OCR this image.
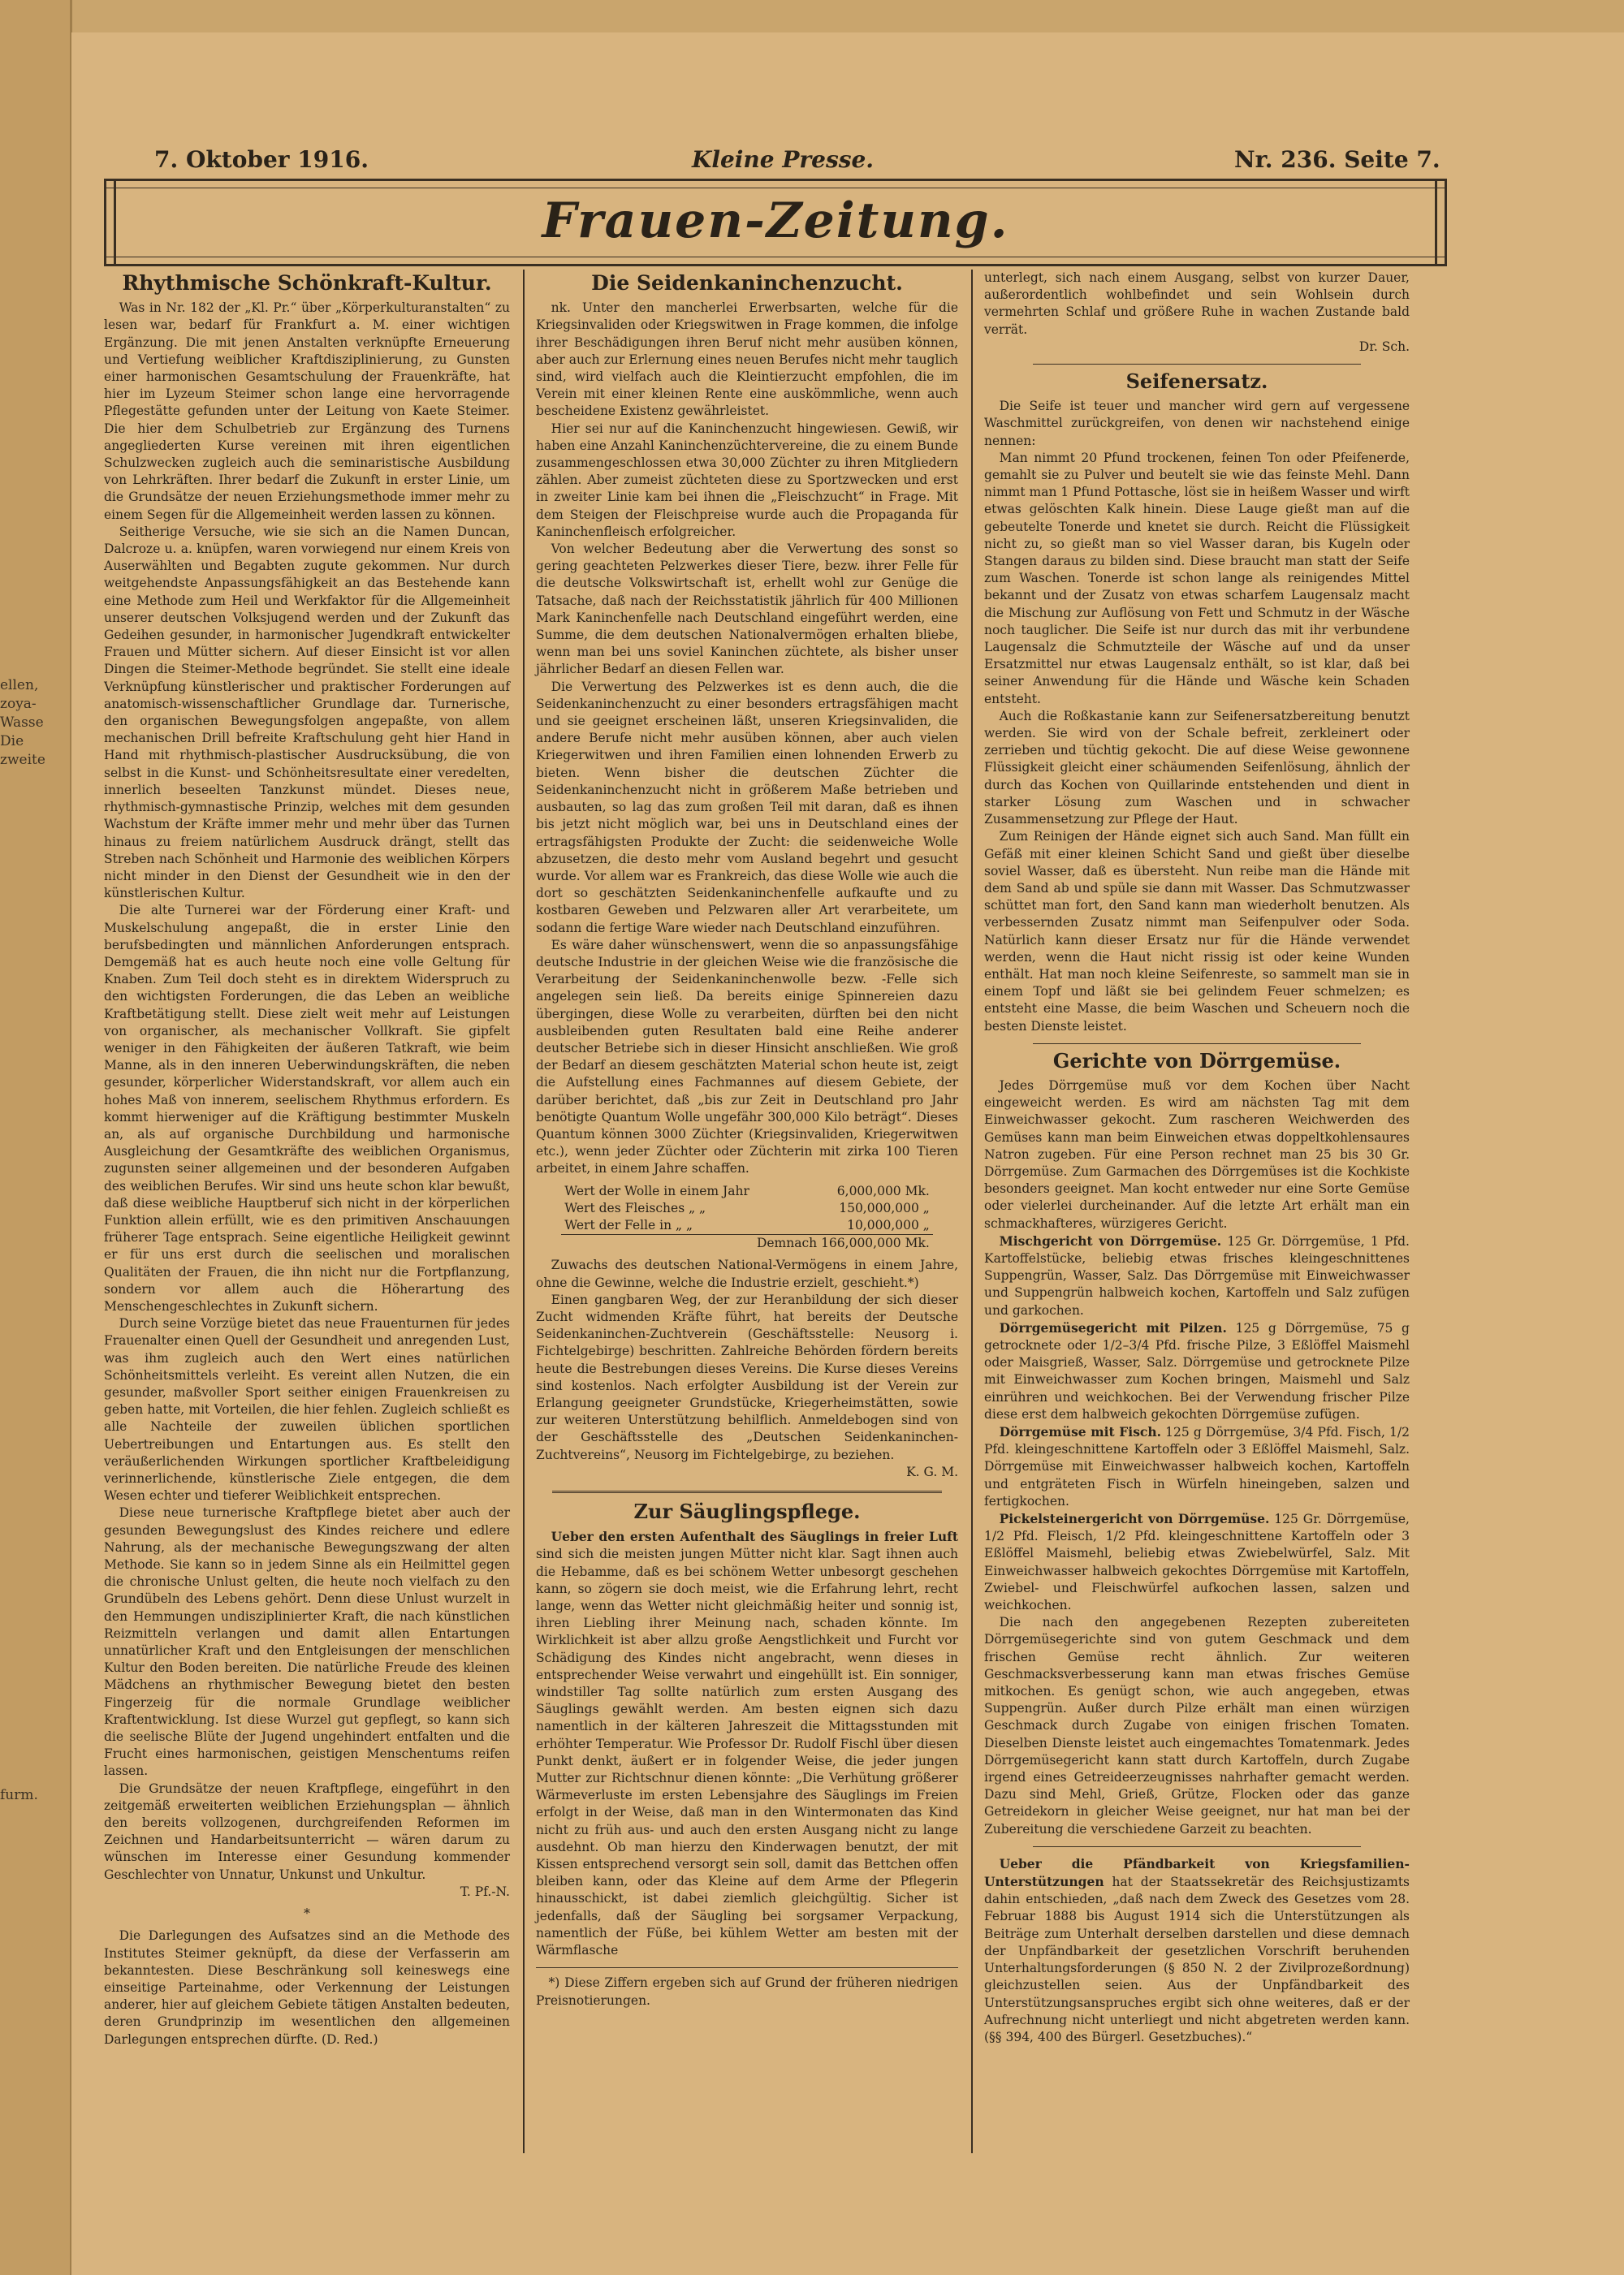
ellen,
zoya-
Wasse
Die
zweite
furm.
7. Oktober 1916.	Kleine Presse.	Nr. 236. Seite 7.
Frauen-Zeitung.
Rhythmische Schönkraft-Kultur.

Was in Nr. 182 der „Kl. Pr.“ über „Körperkulturanstalten“ zu lesen war, bedarf für Frankfurt a. M. einer wichtigen Ergänzung. Die mit jenen Anstalten verknüpfte Erneuerung und Vertiefung weiblicher Kraftdisziplinierung, zu Gunsten einer harmonischen Gesamtschulung der Frauenkräfte, hat hier im Lyzeum Steimer schon lange eine hervorragende Pflegestätte gefunden unter der Leitung von Kaete Steimer. Die hier dem Schulbetrieb zur Ergänzung des Turnens angegliederten Kurse vereinen mit ihren eigentlichen Schulzwecken zugleich auch die seminaristische Ausbildung von Lehrkräften. Ihrer bedarf die Zukunft in erster Linie, um die Grundsätze der neuen Erziehungsmethode immer mehr zu einem Segen für die Allgemeinheit werden lassen zu können.

Seitherige Versuche, wie sie sich an die Namen Duncan, Dalcroze u. a. knüpfen, waren vorwiegend nur einem Kreis von Auserwählten und Begabten zugute gekommen. Nur durch weitgehendste Anpassungsfähigkeit an das Bestehende kann eine Methode zum Heil und Werkfaktor für die Allgemeinheit unserer deutschen Volksjugend werden und der Zukunft das Gedeihen gesunder, in harmonischer Jugendkraft entwickelter Frauen und Mütter sichern. Auf dieser Einsicht ist vor allen Dingen die Steimer-Methode begründet. Sie stellt eine ideale Verknüpfung künstlerischer und praktischer Forderungen auf anatomisch-wissenschaftlicher Grundlage dar. Turnerische, den organischen Bewegungsfolgen angepaßte, von allem mechanischen Drill befreite Kraftschulung geht hier Hand in Hand mit rhythmisch-plastischer Ausdrucksübung, die von selbst in die Kunst- und Schönheitsresultate einer veredelten, innerlich beseelten Tanzkunst mündet. Dieses neue, rhythmisch-gymnastische Prinzip, welches mit dem gesunden Wachstum der Kräfte immer mehr und mehr über das Turnen hinaus zu freiem natürlichem Ausdruck drängt, stellt das Streben nach Schönheit und Harmonie des weiblichen Körpers nicht minder in den Dienst der Gesundheit wie in den der künstlerischen Kultur.

Die alte Turnerei war der Förderung einer Kraft- und Muskelschulung angepaßt, die in erster Linie den berufsbedingten und männlichen Anforderungen entsprach. Demgemäß hat es auch heute noch eine volle Geltung für Knaben. Zum Teil doch steht es in direktem Widerspruch zu den wichtigsten Forderungen, die das Leben an weibliche Kraftbetätigung stellt. Diese zielt weit mehr auf Leistungen von organischer, als mechanischer Vollkraft. Sie gipfelt weniger in den Fähigkeiten der äußeren Tatkraft, wie beim Manne, als in den inneren Ueberwindungskräften, die neben gesunder, körperlicher Widerstandskraft, vor allem auch ein hohes Maß von innerem, seelischem Rhythmus erfordern. Es kommt hierweniger auf die Kräftigung bestimmter Muskeln an, als auf organische Durchbildung und harmonische Ausgleichung der Gesamtkräfte des weiblichen Organismus, zugunsten seiner allgemeinen und der besonderen Aufgaben des weiblichen Berufes. Wir sind uns heute schon klar bewußt, daß diese weibliche Hauptberuf sich nicht in der körperlichen Funktion allein erfüllt, wie es den primitiven Anschauungen früherer Tage entsprach. Seine eigentliche Heiligkeit gewinnt er für uns erst durch die seelischen und moralischen Qualitäten der Frauen, die ihn nicht nur die Fortpflanzung, sondern vor allem auch die Höherartung des Menschengeschlechtes in Zukunft sichern.

Durch seine Vorzüge bietet das neue Frauenturnen für jedes Frauenalter einen Quell der Gesundheit und anregenden Lust, was ihm zugleich auch den Wert eines natürlichen Schönheitsmittels verleiht. Es vereint allen Nutzen, die ein gesunder, maßvoller Sport seither einigen Frauenkreisen zu geben hatte, mit Vorteilen, die hier fehlen. Zugleich schließt es alle Nachteile der zuweilen üblichen sportlichen Uebertreibungen und Entartungen aus. Es stellt den veräußerlichenden Wirkungen sportlicher Kraftbeleidigung verinnerlichende, künstlerische Ziele entgegen, die dem Wesen echter und tieferer Weiblichkeit entsprechen.

Diese neue turnerische Kraftpflege bietet aber auch der gesunden Bewegungslust des Kindes reichere und edlere Nahrung, als der mechanische Bewegungszwang der alten Methode. Sie kann so in jedem Sinne als ein Heilmittel gegen die chronische Unlust gelten, die heute noch vielfach zu den Grundübeln des Lebens gehört. Denn diese Unlust wurzelt in den Hemmungen undisziplinierter Kraft, die nach künstlichen Reizmitteln verlangen und damit allen Entartungen unnatürlicher Kraft und den Entgleisungen der menschlichen Kultur den Boden bereiten. Die natürliche Freude des kleinen Mädchens an rhythmischer Bewegung bietet den besten Fingerzeig für die normale Grundlage weiblicher Kraftentwicklung. Ist diese Wurzel gut gepflegt, so kann sich die seelische Blüte der Jugend ungehindert entfalten und die Frucht eines harmonischen, geistigen Menschentums reifen lassen.

Die Grundsätze der neuen Kraftpflege, eingeführt in den zeitgemäß erweiterten weiblichen Erziehungsplan — ähnlich den bereits vollzogenen, durchgreifenden Reformen im Zeichnen und Handarbeitsunterricht — wären darum zu wünschen im Interesse einer Gesundung kommender Geschlechter von Unnatur, Unkunst und Unkultur.

T. Pf.-N.

*

Die Darlegungen des Aufsatzes sind an die Methode des Institutes Steimer geknüpft, da diese der Verfasserin am bekanntesten. Diese Beschränkung soll keineswegs eine einseitige Parteinahme, oder Verkennung der Leistungen anderer, hier auf gleichem Gebiete tätigen Anstalten bedeuten, deren Grundprinzip im wesentlichen den allgemeinen Darlegungen entsprechen dürfte. (D. Red.)

Die Seidenkaninchenzucht.

nk. Unter den mancherlei Erwerbsarten, welche für die Kriegsinvaliden oder Kriegswitwen in Frage kommen, die infolge ihrer Beschädigungen ihren Beruf nicht mehr ausüben können, aber auch zur Erlernung eines neuen Berufes nicht mehr tauglich sind, wird vielfach auch die Kleintierzucht empfohlen, die im Verein mit einer kleinen Rente eine auskömmliche, wenn auch bescheidene Existenz gewährleistet.

Hier sei nur auf die Kaninchenzucht hingewiesen. Gewiß, wir haben eine Anzahl Kaninchenzüchtervereine, die zu einem Bunde zusammengeschlossen etwa 30,000 Züchter zu ihren Mitgliedern zählen. Aber zumeist züchteten diese zu Sportzwecken und erst in zweiter Linie kam bei ihnen die „Fleischzucht“ in Frage. Mit dem Steigen der Fleischpreise wurde auch die Propaganda für Kaninchenfleisch erfolgreicher.

Von welcher Bedeutung aber die Verwertung des sonst so gering geachteten Pelzwerkes dieser Tiere, bezw. ihrer Felle für die deutsche Volkswirtschaft ist, erhellt wohl zur Genüge die Tatsache, daß nach der Reichsstatistik jährlich für 400 Millionen Mark Kaninchenfelle nach Deutschland eingeführt werden, eine Summe, die dem deutschen Nationalvermögen erhalten bliebe, wenn man bei uns soviel Kaninchen züchtete, als bisher unser jährlicher Bedarf an diesen Fellen war.

Die Verwertung des Pelzwerkes ist es denn auch, die die Seidenkaninchenzucht zu einer besonders ertragsfähigen macht und sie geeignet erscheinen läßt, unseren Kriegsinvaliden, die andere Berufe nicht mehr ausüben können, aber auch vielen Kriegerwitwen und ihren Familien einen lohnenden Erwerb zu bieten. Wenn bisher die deutschen Züchter die Seidenkaninchenzucht nicht in größerem Maße betrieben und ausbauten, so lag das zum großen Teil mit daran, daß es ihnen bis jetzt nicht möglich war, bei uns in Deutschland eines der ertragsfähigsten Produkte der Zucht: die seidenweiche Wolle abzusetzen, die desto mehr vom Ausland begehrt und gesucht wurde. Vor allem war es Frankreich, das diese Wolle wie auch die dort so geschätzten Seidenkaninchenfelle aufkaufte und zu kostbaren Geweben und Pelzwaren aller Art verarbeitete, um sodann die fertige Ware wieder nach Deutschland einzuführen.

Es wäre daher wünschenswert, wenn die so anpassungsfähige deutsche Industrie in der gleichen Weise wie die französische die Verarbeitung der Seidenkaninchenwolle bezw. -Felle sich angelegen sein ließ. Da bereits einige Spinnereien dazu übergingen, diese Wolle zu verarbeiten, dürften bei den nicht ausbleibenden guten Resultaten bald eine Reihe anderer deutscher Betriebe sich in dieser Hinsicht anschließen. Wie groß der Bedarf an diesem geschätzten Material schon heute ist, zeigt die Aufstellung eines Fachmannes auf diesem Gebiete, der darüber berichtet, daß „bis zur Zeit in Deutschland pro Jahr benötigte Quantum Wolle ungefähr 300,000 Kilo beträgt“. Dieses Quantum können 3000 Züchter (Kriegsinvaliden, Kriegerwitwen etc.), wenn jeder Züchter oder Züchterin mit zirka 100 Tieren arbeitet, in einem Jahre schaffen.

Wert der Wolle in einem Jahr	6,000,000 Mk.
Wert des Fleisches „ „	150,000,000 „
Wert der Felle in „ „	10,000,000 „
Demnach 166,000,000 Mk.	

Zuwachs des deutschen National-Vermögens in einem Jahre, ohne die Gewinne, welche die Industrie erzielt, geschieht.*)

Einen gangbaren Weg, der zur Heranbildung der sich dieser Zucht widmenden Kräfte führt, hat bereits der Deutsche Seidenkaninchen-Zuchtverein (Geschäftsstelle: Neusorg i. Fichtelgebirge) beschritten. Zahlreiche Behörden fördern bereits heute die Bestrebungen dieses Vereins. Die Kurse dieses Vereins sind kostenlos. Nach erfolgter Ausbildung ist der Verein zur Erlangung geeigneter Grundstücke, Kriegerheimstätten, sowie zur weiteren Unterstützung behilflich. Anmeldebogen sind von der Geschäftsstelle des „Deutschen Seidenkaninchen-Zuchtvereins“, Neusorg im Fichtelgebirge, zu beziehen.

K. G. M.

Zur Säuglingspflege.

Ueber den ersten Aufenthalt des Säuglings in freier Luft sind sich die meisten jungen Mütter nicht klar. Sagt ihnen auch die Hebamme, daß es bei schönem Wetter unbesorgt geschehen kann, so zögern sie doch meist, wie die Erfahrung lehrt, recht lange, wenn das Wetter nicht gleichmäßig heiter und sonnig ist, ihren Liebling ihrer Meinung nach, schaden könnte. Im Wirklichkeit ist aber allzu große Aengstlichkeit und Furcht vor Schädigung des Kindes nicht angebracht, wenn dieses in entsprechender Weise verwahrt und eingehüllt ist. Ein sonniger, windstiller Tag sollte natürlich zum ersten Ausgang des Säuglings gewählt werden. Am besten eignen sich dazu namentlich in der kälteren Jahreszeit die Mittagsstunden mit erhöhter Temperatur. Wie Professor Dr. Rudolf Fischl über diesen Punkt denkt, äußert er in folgender Weise, die jeder jungen Mutter zur Richtschnur dienen könnte: „Die Verhütung größerer Wärmeverluste im ersten Lebensjahre des Säuglings im Freien erfolgt in der Weise, daß man in den Wintermonaten das Kind nicht zu früh aus- und auch den ersten Ausgang nicht zu lange ausdehnt. Ob man hierzu den Kinderwagen benutzt, der mit Kissen entsprechend versorgt sein soll, damit das Bettchen offen bleiben kann, oder das Kleine auf dem Arme der Pflegerin hinausschickt, ist dabei ziemlich gleichgültig. Sicher ist jedenfalls, daß der Säugling bei sorgsamer Verpackung, namentlich der Füße, bei kühlem Wetter am besten mit der Wärmflasche

*) Diese Ziffern ergeben sich auf Grund der früheren niedrigen Preisnotierungen.

unterlegt, sich nach einem Ausgang, selbst von kurzer Dauer, außerordentlich wohlbefindet und sein Wohlsein durch vermehrten Schlaf und größere Ruhe in wachen Zustande bald verrät.

Dr. Sch.

Seifenersatz.

Die Seife ist teuer und mancher wird gern auf vergessene Waschmittel zurückgreifen, von denen wir nachstehend einige nennen:

Man nimmt 20 Pfund trockenen, feinen Ton oder Pfeifenerde, gemahlt sie zu Pulver und beutelt sie wie das feinste Mehl. Dann nimmt man 1 Pfund Pottasche, löst sie in heißem Wasser und wirft etwas gelöschten Kalk hinein. Diese Lauge gießt man auf die gebeutelte Tonerde und knetet sie durch. Reicht die Flüssigkeit nicht zu, so gießt man so viel Wasser daran, bis Kugeln oder Stangen daraus zu bilden sind. Diese braucht man statt der Seife zum Waschen. Tonerde ist schon lange als reinigendes Mittel bekannt und der Zusatz von etwas scharfem Laugensalz macht die Mischung zur Auflösung von Fett und Schmutz in der Wäsche noch tauglicher. Die Seife ist nur durch das mit ihr verbundene Laugensalz die Schmutzteile der Wäsche auf und da unser Ersatzmittel nur etwas Laugensalz enthält, so ist klar, daß bei seiner Anwendung für die Hände und Wäsche kein Schaden entsteht.

Auch die Roßkastanie kann zur Seifenersatzbereitung benutzt werden. Sie wird von der Schale befreit, zerkleinert oder zerrieben und tüchtig gekocht. Die auf diese Weise gewonnene Flüssigkeit gleicht einer schäumenden Seifenlösung, ähnlich der durch das Kochen von Quillarinde entstehenden und dient in starker Lösung zum Waschen und in schwacher Zusammensetzung zur Pflege der Haut.

Zum Reinigen der Hände eignet sich auch Sand. Man füllt ein Gefäß mit einer kleinen Schicht Sand und gießt über dieselbe soviel Wasser, daß es übersteht. Nun reibe man die Hände mit dem Sand ab und spüle sie dann mit Wasser. Das Schmutzwasser schüttet man fort, den Sand kann man wiederholt benutzen. Als verbessernden Zusatz nimmt man Seifenpulver oder Soda. Natürlich kann dieser Ersatz nur für die Hände verwendet werden, wenn die Haut nicht rissig ist oder keine Wunden enthält. Hat man noch kleine Seifenreste, so sammelt man sie in einem Topf und läßt sie bei gelindem Feuer schmelzen; es entsteht eine Masse, die beim Waschen und Scheuern noch die besten Dienste leistet.

Gerichte von Dörrgemüse.

Jedes Dörrgemüse muß vor dem Kochen über Nacht eingeweicht werden. Es wird am nächsten Tag mit dem Einweichwasser gekocht. Zum rascheren Weichwerden des Gemüses kann man beim Einweichen etwas doppeltkohlensaures Natron zugeben. Für eine Person rechnet man 25 bis 30 Gr. Dörrgemüse. Zum Garmachen des Dörrgemüses ist die Kochkiste besonders geeignet. Man kocht entweder nur eine Sorte Gemüse oder vielerlei durcheinander. Auf die letzte Art erhält man ein schmackhafteres, würzigeres Gericht.

Mischgericht von Dörrgemüse. 125 Gr. Dörrgemüse, 1 Pfd. Kartoffelstücke, beliebig etwas frisches kleingeschnittenes Suppengrün, Wasser, Salz. Das Dörrgemüse mit Einweichwasser und Suppengrün halbweich kochen, Kartoffeln und Salz zufügen und garkochen.

Dörrgemüsegericht mit Pilzen. 125 g Dörrgemüse, 75 g getrocknete oder 1/2–3/4 Pfd. frische Pilze, 3 Eßlöffel Maismehl oder Maisgrieß, Wasser, Salz. Dörrgemüse und getrocknete Pilze mit Einweichwasser zum Kochen bringen, Maismehl und Salz einrühren und weichkochen. Bei der Verwendung frischer Pilze diese erst dem halbweich gekochten Dörrgemüse zufügen.

Dörrgemüse mit Fisch. 125 g Dörrgemüse, 3/4 Pfd. Fisch, 1/2 Pfd. kleingeschnittene Kartoffeln oder 3 Eßlöffel Maismehl, Salz. Dörrgemüse mit Einweichwasser halbweich kochen, Kartoffeln und entgräteten Fisch in Würfeln hineingeben, salzen und fertigkochen.

Pickelsteinergericht von Dörrgemüse. 125 Gr. Dörrgemüse, 1/2 Pfd. Fleisch, 1/2 Pfd. kleingeschnittene Kartoffeln oder 3 Eßlöffel Maismehl, beliebig etwas Zwiebelwürfel, Salz. Mit Einweichwasser halbweich gekochtes Dörrgemüse mit Kartoffeln, Zwiebel- und Fleischwürfel aufkochen lassen, salzen und weichkochen.

Die nach den angegebenen Rezepten zubereiteten Dörrgemüsegerichte sind von gutem Geschmack und dem frischen Gemüse recht ähnlich. Zur weiteren Geschmacksverbesserung kann man etwas frisches Gemüse mitkochen. Es genügt schon, wie auch angegeben, etwas Suppengrün. Außer durch Pilze erhält man einen würzigen Geschmack durch Zugabe von einigen frischen Tomaten. Dieselben Dienste leistet auch eingemachtes Tomatenmark. Jedes Dörrgemüsegericht kann statt durch Kartoffeln, durch Zugabe irgend eines Getreideerzeugnisses nahrhafter gemacht werden. Dazu sind Mehl, Grieß, Grütze, Flocken oder das ganze Getreidekorn in gleicher Weise geeignet, nur hat man bei der Zubereitung die verschiedene Garzeit zu beachten.

Ueber die Pfändbarkeit von Kriegsfamilien-Unterstützungen hat der Staatssekretär des Reichsjustizamts dahin entschieden, „daß nach dem Zweck des Gesetzes vom 28. Februar 1888 bis August 1914 sich die Unterstützungen als Beiträge zum Unterhalt derselben darstellen und diese demnach der Unpfändbarkeit der gesetzlichen Vorschrift beruhenden Unterhaltungsforderungen (§ 850 N. 2 der Zivilprozeßordnung) gleichzustellen seien. Aus der Unpfändbarkeit des Unterstützungsanspruches ergibt sich ohne weiteres, daß er der Aufrechnung nicht unterliegt und nicht abgetreten werden kann. (§§ 394, 400 des Bürgerl. Gesetzbuches).“
